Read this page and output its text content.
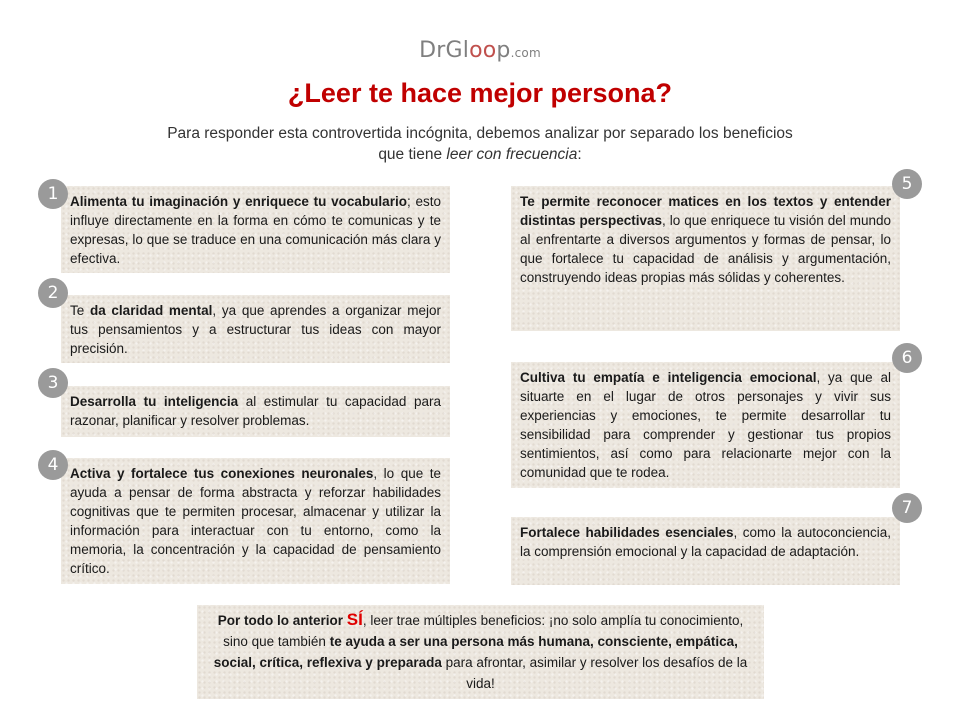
DrGloop.com
¿Leer te hace mejor persona?
Para responder esta controvertida incógnita, debemos analizar por separado los beneficios
que tiene leer con frecuencia:
Alimenta tu imaginación y enriquece tu vocabulario; esto influye directamente en la forma en cómo te comunicas y te expresas, lo que se traduce en una comunicación más clara y efectiva.
1
Te da claridad mental, ya que aprendes a organizar mejor tus pensamientos y a estructurar tus ideas con mayor precisión.
2
Desarrolla tu inteligencia al estimular tu capacidad para razonar, planificar y resolver problemas.
3
Activa y fortalece tus conexiones neuronales, lo que te ayuda a pensar de forma abstracta y reforzar habilidades cognitivas que te permiten procesar, almacenar y utilizar la información para interactuar con tu entorno, como la memoria, la concentración y la capacidad de pensamiento crítico.
4
Te permite reconocer matices en los textos y entender distintas perspectivas, lo que enriquece tu visión del mundo al enfrentarte a diversos argumentos y formas de pensar, lo que fortalece tu capacidad de análisis y argumentación, construyendo ideas propias más sólidas y coherentes.
5
Cultiva tu empatía e inteligencia emocional, ya que al situarte en el lugar de otros personajes y vivir sus experiencias y emociones, te permite desarrollar tu sensibilidad para comprender y gestionar tus propios sentimientos, así como para relacionarte mejor con la comunidad que te rodea.
6
Fortalece habilidades esenciales, como la autoconciencia, la comprensión emocional y la capacidad de adaptación.
7
Por todo lo anterior SÍ, leer trae múltiples beneficios: ¡no solo amplía tu conocimiento, sino que también te ayuda a ser una persona más humana, consciente, empática, social, crítica, reflexiva y preparada para afrontar, asimilar y resolver los desafíos de la vida!
